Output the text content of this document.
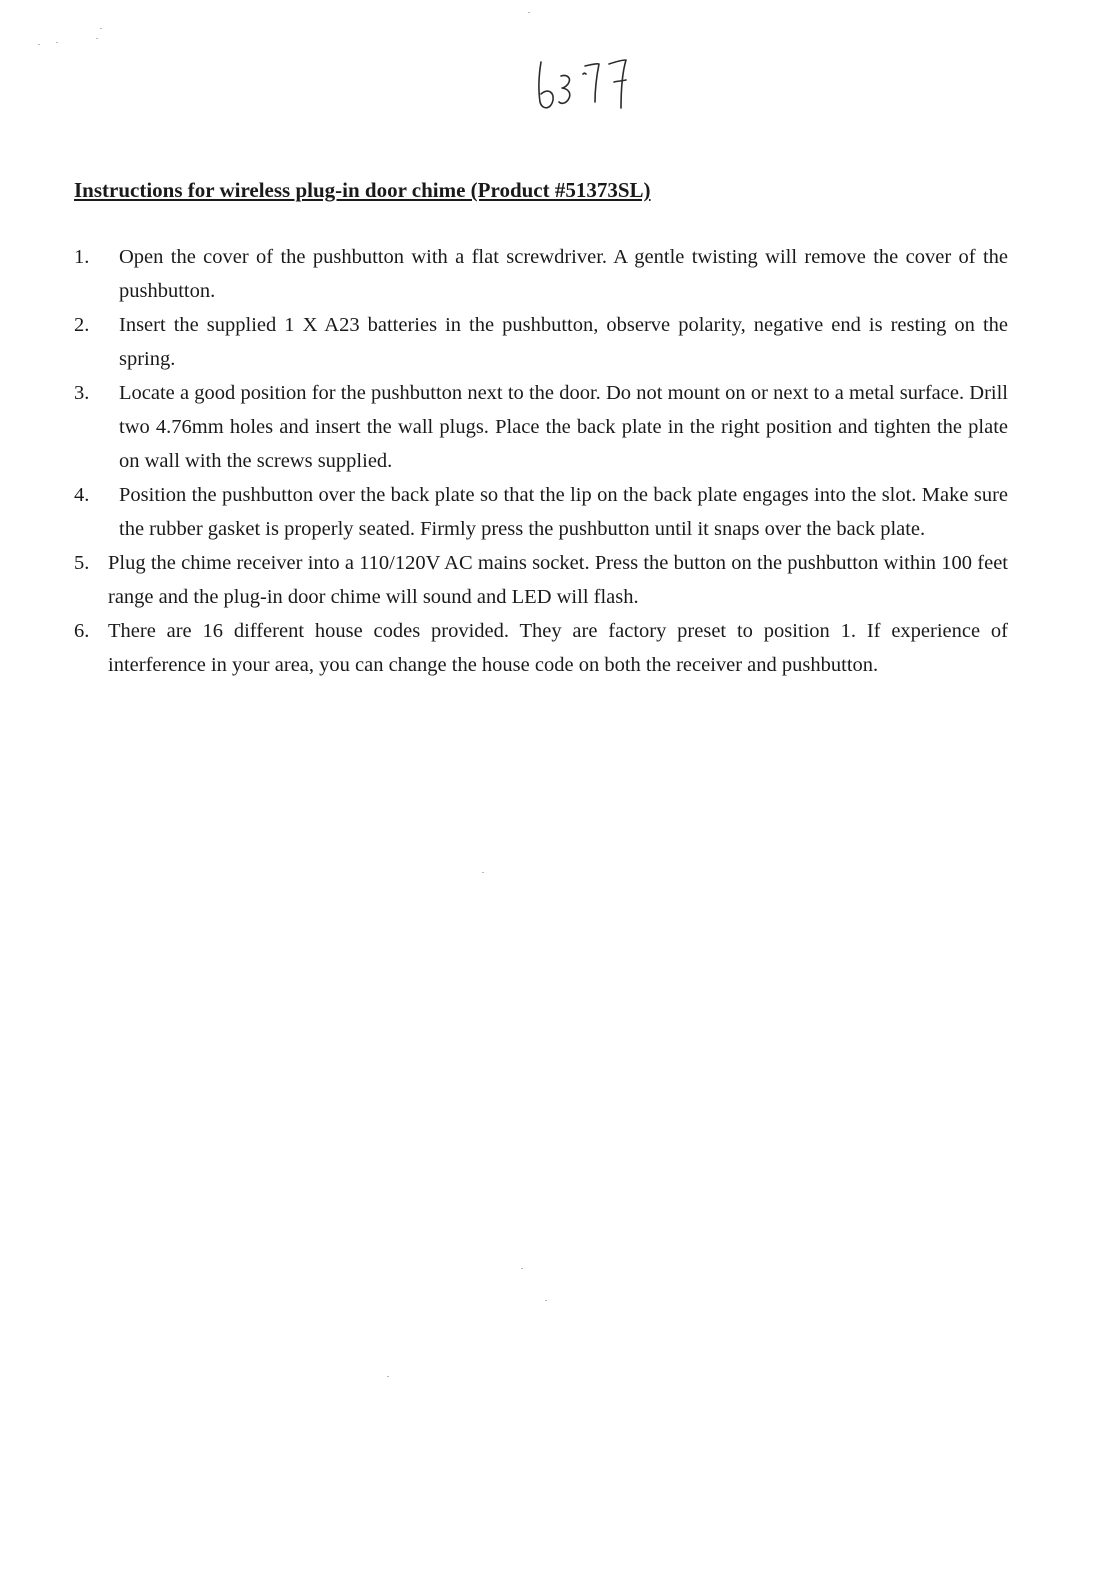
Instructions for wireless plug-in door chime (Product #51373SL)
1.	Open the cover of the pushbutton with a flat screwdriver. A gentle twisting will remove the cover of the pushbutton.
2.	Insert the supplied 1 X A23 batteries in the pushbutton, observe polarity, negative end is resting on the spring.
3.	Locate a good position for the pushbutton next to the door. Do not mount on or next to a metal surface. Drill two 4.76mm holes and insert the wall plugs. Place the back plate in the right position and tighten the plate on wall with the screws supplied.
4.	Position the pushbutton over the back plate so that the lip on the back plate engages into the slot. Make sure the rubber gasket is properly seated. Firmly press the pushbutton until it snaps over the back plate.
5. Plug the chime receiver into a 110/120V AC mains socket. Press the button on the pushbutton within 100 feet range and the plug-in door chime will sound and LED will flash.
6. There are 16 different house codes provided. They are factory preset to position 1. If experience of interference in your area, you can change the house code on both the receiver and pushbutton.
